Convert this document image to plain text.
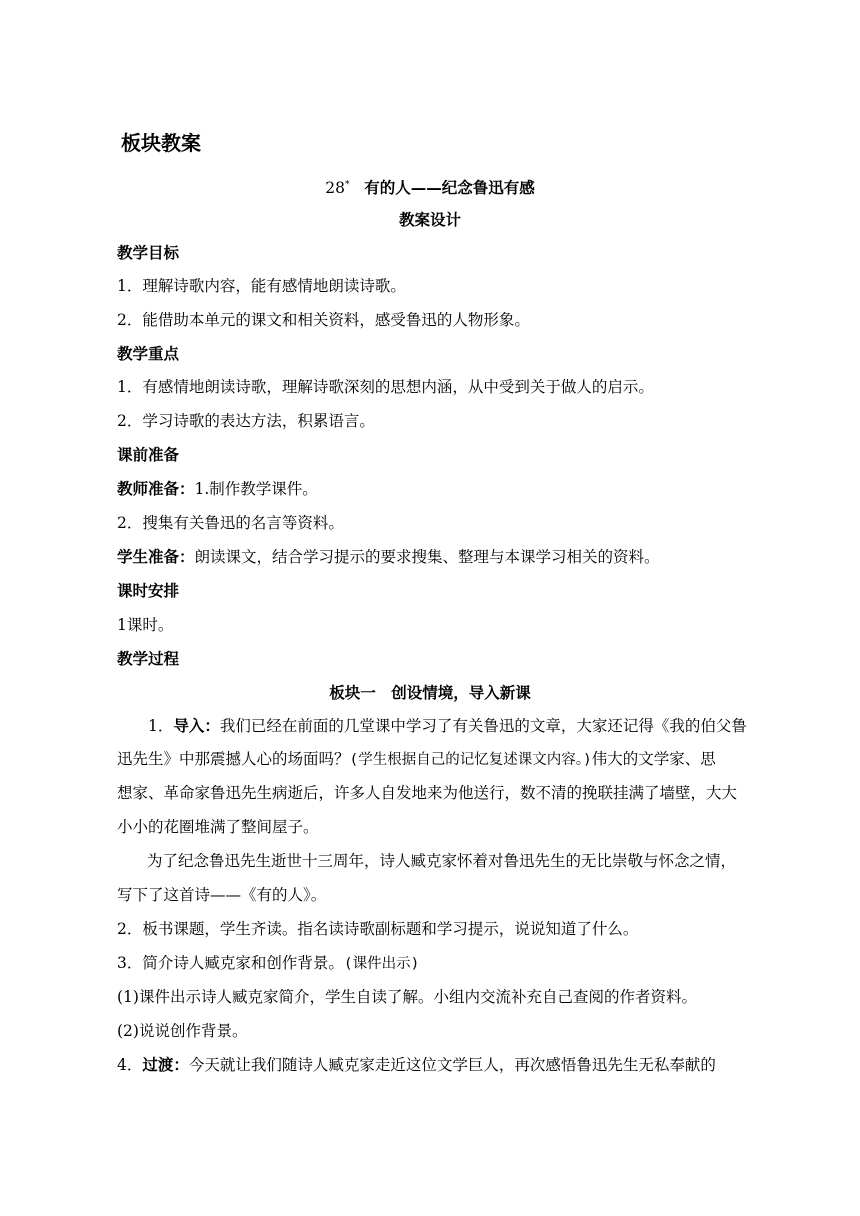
板块教案
28* 有的人——纪念鲁迅有感
教案设计
教学目标
1．理解诗歌内容，能有感情地朗读诗歌。
2．能借助本单元的课文和相关资料，感受鲁迅的人物形象。
教学重点
1．有感情地朗读诗歌，理解诗歌深刻的思想内涵，从中受到关于做人的启示。
2．学习诗歌的表达方法，积累语言。
课前准备
教师准备：1.制作教学课件。
2．搜集有关鲁迅的名言等资料。
学生准备：朗读课文，结合学习提示的要求搜集、整理与本课学习相关的资料。
课时安排
1课时。
教学过程
板块一　创设情境，导入新课
　　1．导入：我们已经在前面的几堂课中学习了有关鲁迅的文章，大家还记得《我的伯父鲁
迅先生》中那震撼人心的场面吗？(学生根据自己的记忆复述课文内容。)伟大的文学家、思
想家、革命家鲁迅先生病逝后，许多人自发地来为他送行，数不清的挽联挂满了墙壁，大大
小小的花圈堆满了整间屋子。
为了纪念鲁迅先生逝世十三周年，诗人臧克家怀着对鲁迅先生的无比崇敬与怀念之情，
写下了这首诗——《有的人》。
2．板书课题，学生齐读。指名读诗歌副标题和学习提示，说说知道了什么。
3．简介诗人臧克家和创作背景。(课件出示)
(1)课件出示诗人臧克家简介，学生自读了解。小组内交流补充自己查阅的作者资料。
(2)说说创作背景。
4．过渡：今天就让我们随诗人臧克家走近这位文学巨人，再次感悟鲁迅先生无私奉献的
